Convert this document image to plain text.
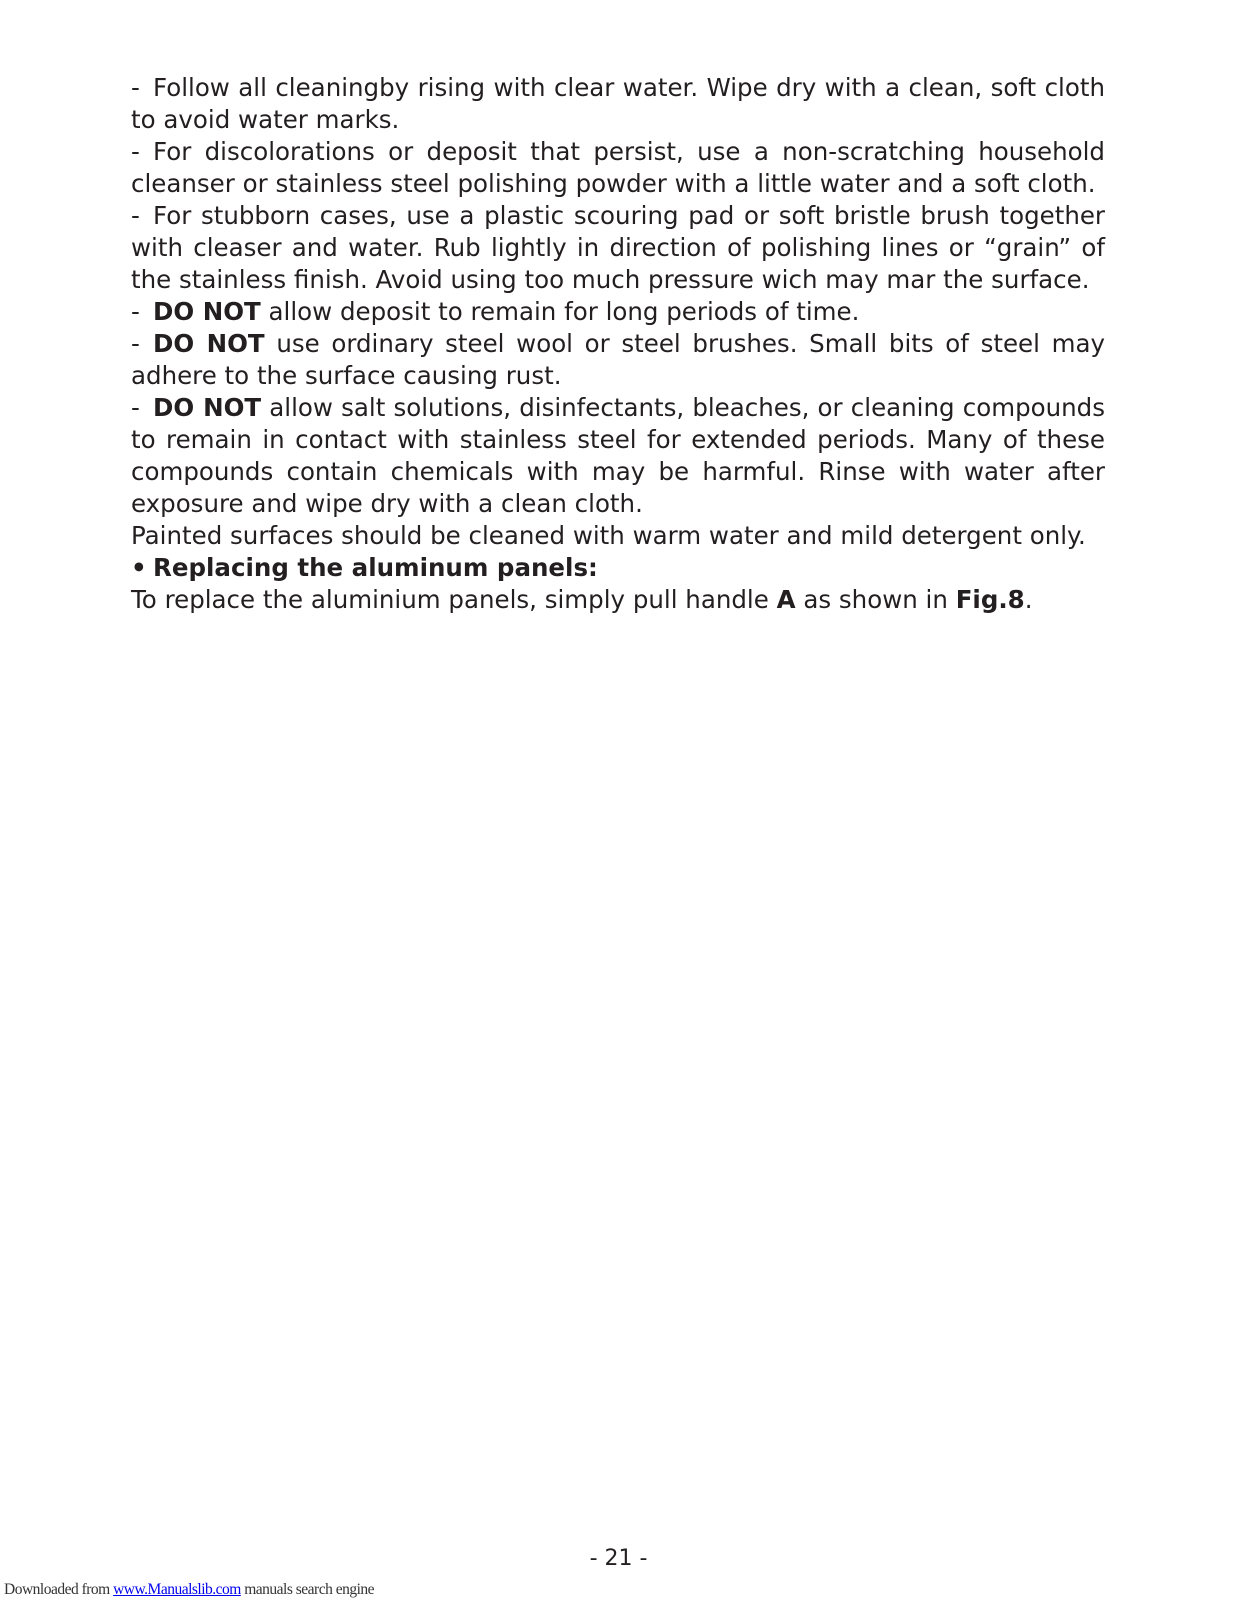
- Follow all cleaningby rising with clear water. Wipe dry with a clean, soft cloth to avoid water marks.

- For discolorations or deposit that persist, use a non-scratching household cleanser or stainless steel polishing powder with a little water and a soft cloth.

- For stubborn cases, use a plastic scouring pad or soft bristle brush together with cleaser and water. Rub lightly in direction of polishing lines or “grain” of the stainless finish. Avoid using too much pressure wich may mar the surface.

- DO NOT allow deposit to remain for long periods of time.

- DO NOT use ordinary steel wool or steel brushes. Small bits of steel may adhere to the surface causing rust.

- DO NOT allow salt solutions, disinfectants, bleaches, or cleaning compounds to remain in contact with stainless steel for extended periods. Many of these compounds contain chemicals with may be harmful. Rinse with water after exposure and wipe dry with a clean cloth.

Painted surfaces should be cleaned with warm water and mild detergent only.

• Replacing the aluminum panels:

To replace the aluminium panels, simply pull handle A as shown in Fig.8.

- 21 -
Downloaded from www.Manualslib.com manuals search engine
